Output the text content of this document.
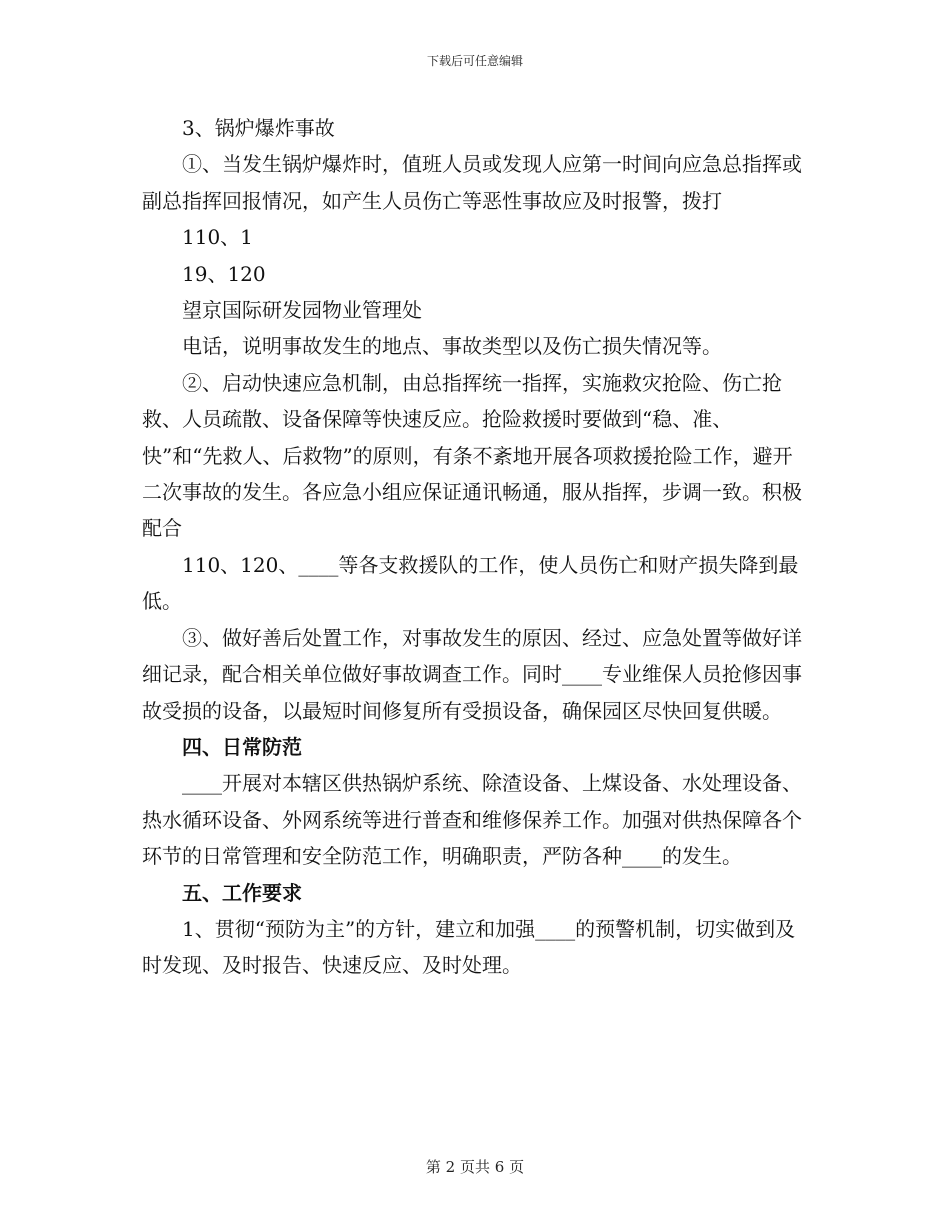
下载后可任意编辑

3、锅炉爆炸事故

①、当发生锅炉爆炸时，值班人员或发现人应第一时间向应急总指挥或副总指挥回报情况，如产生人员伤亡等恶性事故应及时报警，拨打

110、1

19、120

望京国际研发园物业管理处

电话，说明事故发生的地点、事故类型以及伤亡损失情况等。

②、启动快速应急机制，由总指挥统一指挥，实施救灾抢险、伤亡抢救、人员疏散、设备保障等快速反应。抢险救援时要做到“稳、准、快”和“先救人、后救物”的原则，有条不紊地开展各项救援抢险工作，避开二次事故的发生。各应急小组应保证通讯畅通，服从指挥，步调一致。积极配合

110、120、____等各支救援队的工作，使人员伤亡和财产损失降到最低。

③、做好善后处置工作，对事故发生的原因、经过、应急处置等做好详细记录，配合相关单位做好事故调查工作。同时____专业维保人员抢修因事故受损的设备，以最短时间修复所有受损设备，确保园区尽快回复供暖。

四、日常防范

____开展对本辖区供热锅炉系统、除渣设备、上煤设备、水处理设备、热水循环设备、外网系统等进行普查和维修保养工作。加强对供热保障各个环节的日常管理和安全防范工作，明确职责，严防各种____的发生。

五、工作要求

1、贯彻“预防为主”的方针，建立和加强____的预警机制，切实做到及时发现、及时报告、快速反应、及时处理。

第 2 页共 6 页
